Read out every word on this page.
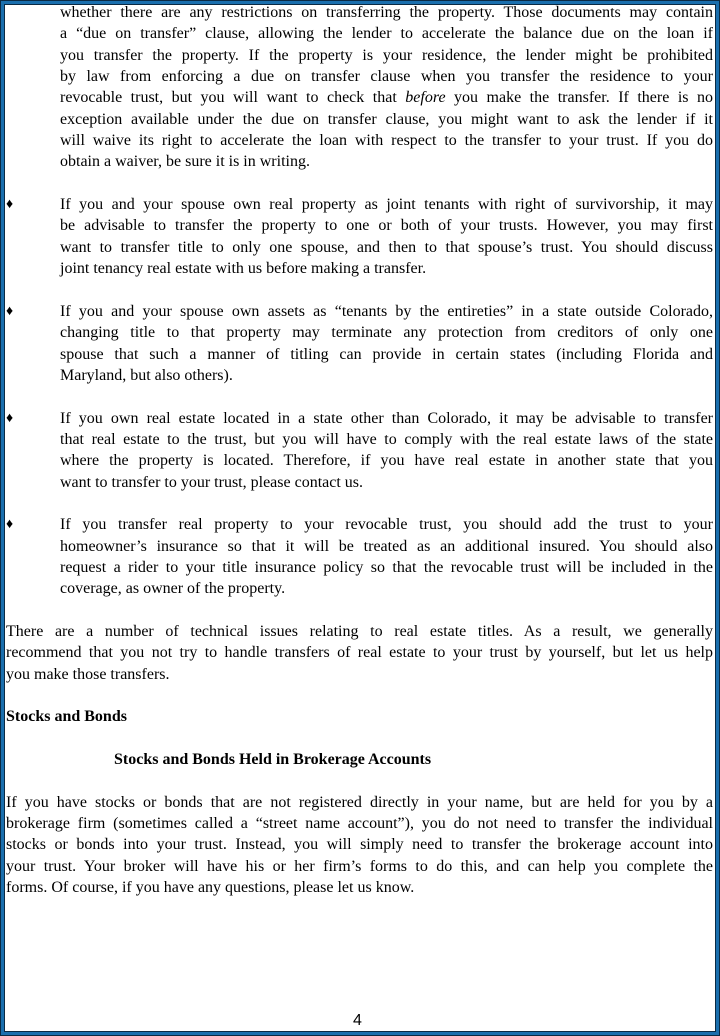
whether there are any restrictions on transferring the property. Those documents may contain
a “due on transfer” clause, allowing the lender to accelerate the balance due on the loan if
you transfer the property. If the property is your residence, the lender might be prohibited
by law from enforcing a due on transfer clause when you transfer the residence to your
revocable trust, but you will want to check that before you make the transfer. If there is no
exception available under the due on transfer clause, you might want to ask the lender if it
will waive its right to accelerate the loan with respect to the transfer to your trust. If you do
obtain a waiver, be sure it is in writing.
♦	If you and your spouse own real property as joint tenants with right of survivorship, it may
be advisable to transfer the property to one or both of your trusts. However, you may first
want to transfer title to only one spouse, and then to that spouse’s trust. You should discuss
joint tenancy real estate with us before making a transfer.
♦	If you and your spouse own assets as “tenants by the entireties” in a state outside Colorado,
changing title to that property may terminate any protection from creditors of only one
spouse that such a manner of titling can provide in certain states (including Florida and
Maryland, but also others).
♦	If you own real estate located in a state other than Colorado, it may be advisable to transfer
that real estate to the trust, but you will have to comply with the real estate laws of the state
where the property is located. Therefore, if you have real estate in another state that you
want to transfer to your trust, please contact us.
♦	If you transfer real property to your revocable trust, you should add the trust to your
homeowner’s insurance so that it will be treated as an additional insured. You should also
request a rider to your title insurance policy so that the revocable trust will be included in the
coverage, as owner of the property.
There are a number of technical issues relating to real estate titles. As a result, we generally
recommend that you not try to handle transfers of real estate to your trust by yourself, but let us help
you make those transfers.
Stocks and Bonds
Stocks and Bonds Held in Brokerage Accounts
If you have stocks or bonds that are not registered directly in your name, but are held for you by a
brokerage firm (sometimes called a “street name account”), you do not need to transfer the individual
stocks or bonds into your trust. Instead, you will simply need to transfer the brokerage account into
your trust. Your broker will have his or her firm’s forms to do this, and can help you complete the
forms. Of course, if you have any questions, please let us know.
4
